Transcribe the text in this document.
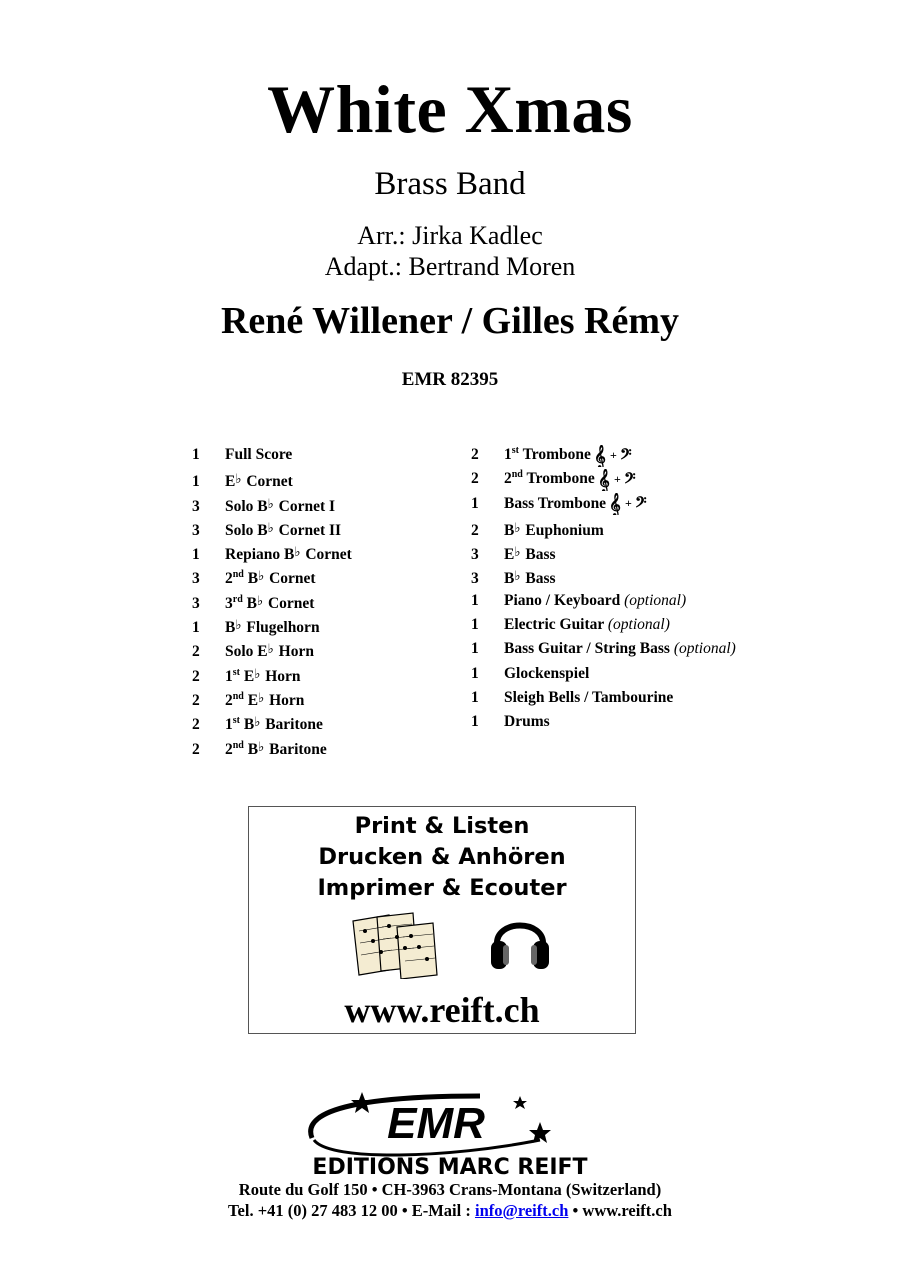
White Xmas
Brass Band
Arr.: Jirka Kadlec
Adapt.: Bertrand Moren
René Willener / Gilles Rémy
EMR 82395
1 Full Score
1 E♭ Cornet
3 Solo B♭ Cornet I
3 Solo B♭ Cornet II
1 Repiano B♭ Cornet
3 2nd B♭ Cornet
3 3rd B♭ Cornet
1 B♭ Flugelhorn
2 Solo E♭ Horn
2 1st E♭ Horn
2 2nd E♭ Horn
2 1st B♭ Baritone
2 2nd B♭ Baritone
2 1st Trombone 𝄞 + 𝄢
2 2nd Trombone 𝄞 + 𝄢
1 Bass Trombone 𝄞 + 𝄢
2 B♭ Euphonium
3 E♭ Bass
3 B♭ Bass
1 Piano / Keyboard (optional)
1 Electric Guitar (optional)
1 Bass Guitar / String Bass (optional)
1 Glockenspiel
1 Sleigh Bells / Tambourine
1 Drums
Print & Listen
Drucken & Anhören
Imprimer & Ecouter
www.reift.ch
EMR
EDITIONS MARC REIFT
Route du Golf 150 • CH-3963 Crans-Montana (Switzerland)
Tel. +41 (0) 27 483 12 00 • E-Mail : info@reift.ch • www.reift.ch
